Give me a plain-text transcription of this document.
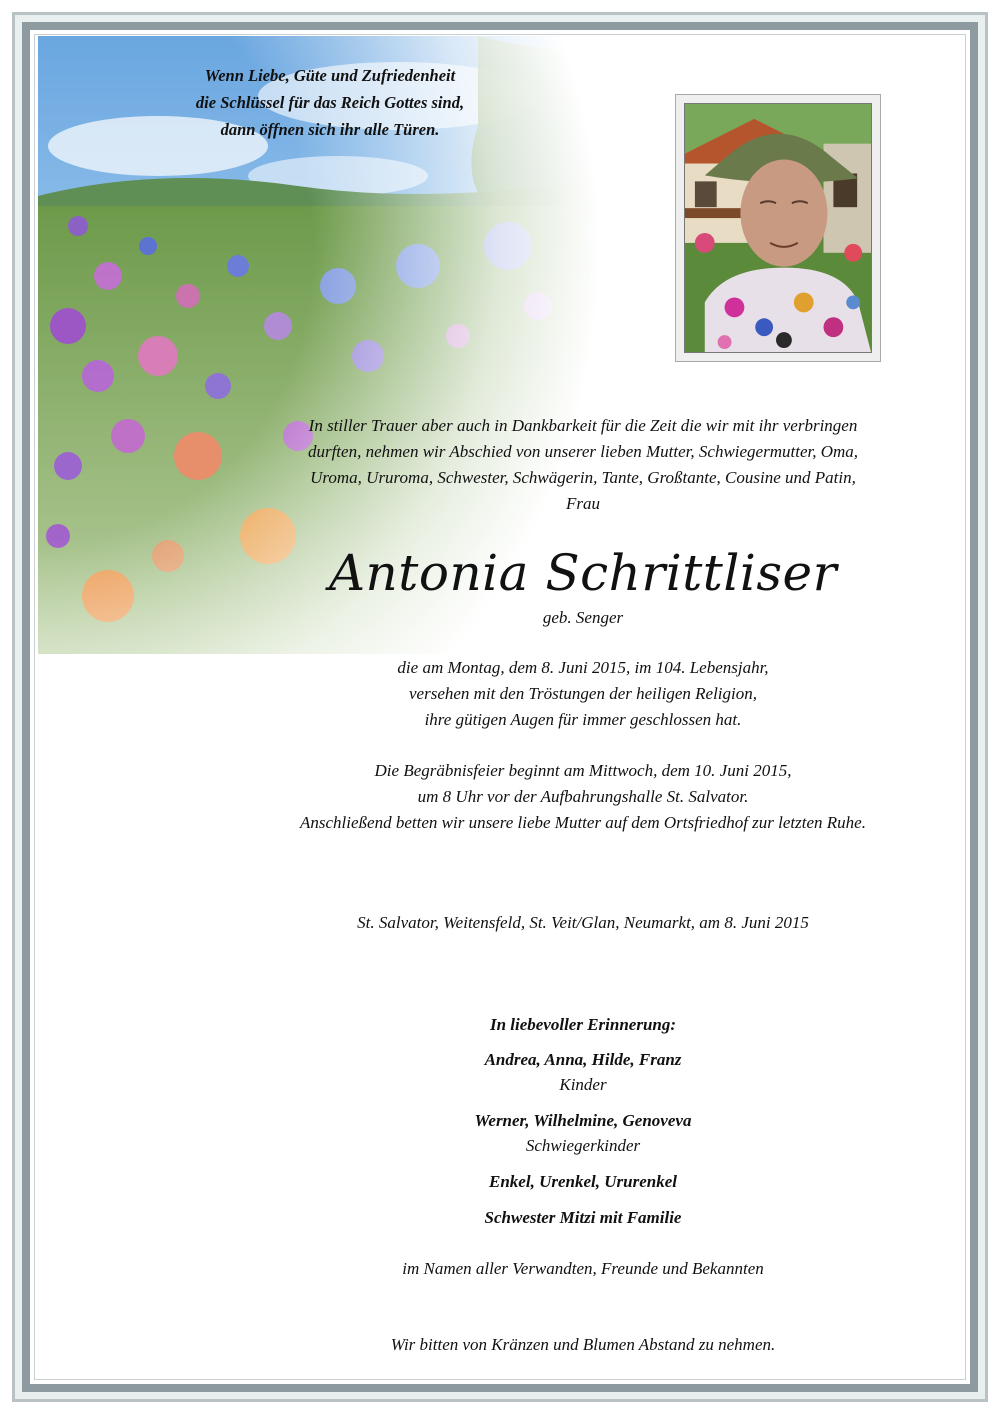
Wenn Liebe, Güte und Zufriedenheit
die Schlüssel für das Reich Gottes sind,
dann öffnen sich ihr alle Türen.
In stiller Trauer aber auch in Dankbarkeit für die Zeit die wir mit ihr verbringen
durften, nehmen wir Abschied von unserer lieben Mutter, Schwiegermutter, Oma,
Uroma, Ururoma, Schwester, Schwägerin, Tante, Großtante, Cousine und Patin,
Frau
Antonia Schrittliser
geb. Senger
die am Montag, dem 8. Juni 2015, im 104. Lebensjahr,
versehen mit den Tröstungen der heiligen Religion,
ihre gütigen Augen für immer geschlossen hat.
Die Begräbnisfeier beginnt am Mittwoch, dem 10. Juni 2015,
um 8 Uhr vor der Aufbahrungshalle St. Salvator.
Anschließend betten wir unsere liebe Mutter auf dem Ortsfriedhof zur letzten Ruhe.
St. Salvator, Weitensfeld, St. Veit/Glan, Neumarkt, am 8. Juni 2015
In liebevoller Erinnerung:
Andrea, Anna, Hilde, Franz
Kinder
Werner, Wilhelmine, Genoveva
Schwiegerkinder
Enkel, Urenkel, Ururenkel
Schwester Mitzi mit Familie
im Namen aller Verwandten, Freunde und Bekannten
Wir bitten von Kränzen und Blumen Abstand zu nehmen.
